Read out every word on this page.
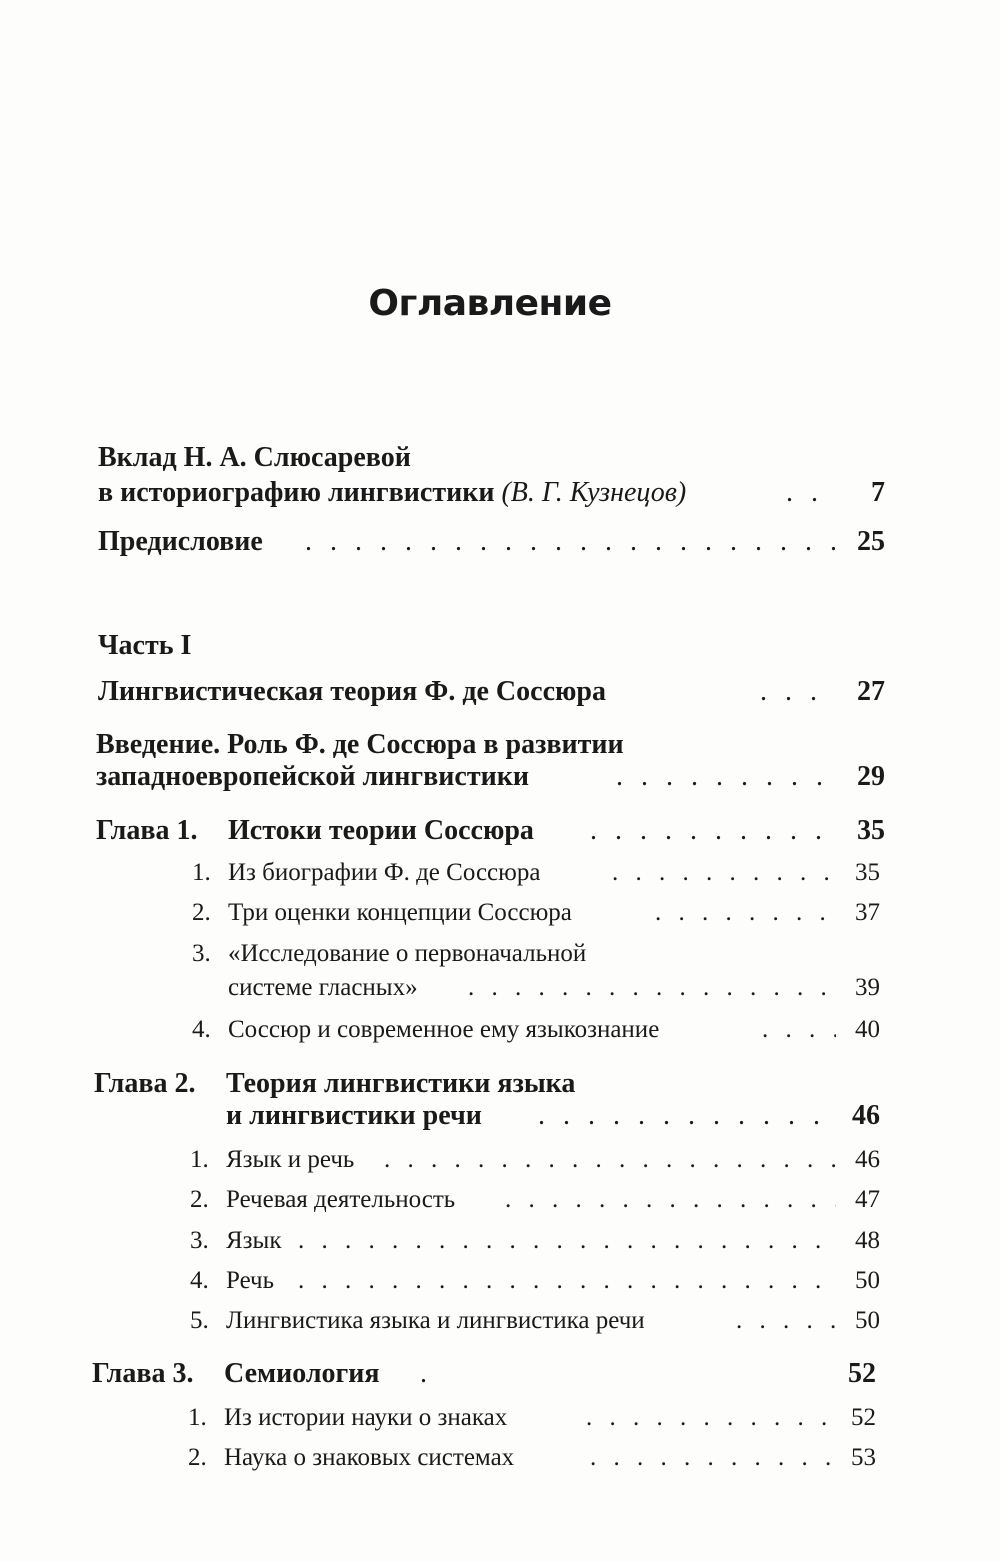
Оглавление
Вклад Н. А. Слюсаревой
в историографию лингвистики (В. Г. Кузнецов) . . .	7
Предисловие . . .	25
Часть I
Лингвистическая теория Ф. де Соссюра . . .	27
Введение. Роль Ф. де Соссюра в развитии
западноевропейской лингвистики . . .	29
Глава 1. Истоки теории Соссюра . . .	35
1. Из биографии Ф. де Соссюра . . .	35
2. Три оценки концепции Соссюра . . .	37
3. «Исследование о первоначальной
системе гласных» . . .	39
4. Соссюр и современное ему языкознание . . .	40
Глава 2. Теория лингвистики языка
и лингвистики речи . . .	46
1. Язык и речь . . .	46
2. Речевая деятельность . . .	47
3. Язык . . .	48
4. Речь . . .	50
5. Лингвистика языка и лингвистика речи . . .	50
Глава 3. Семиология . . .	52
1. Из истории науки о знаках . . .	52
2. Наука о знаковых системах . . .	53
